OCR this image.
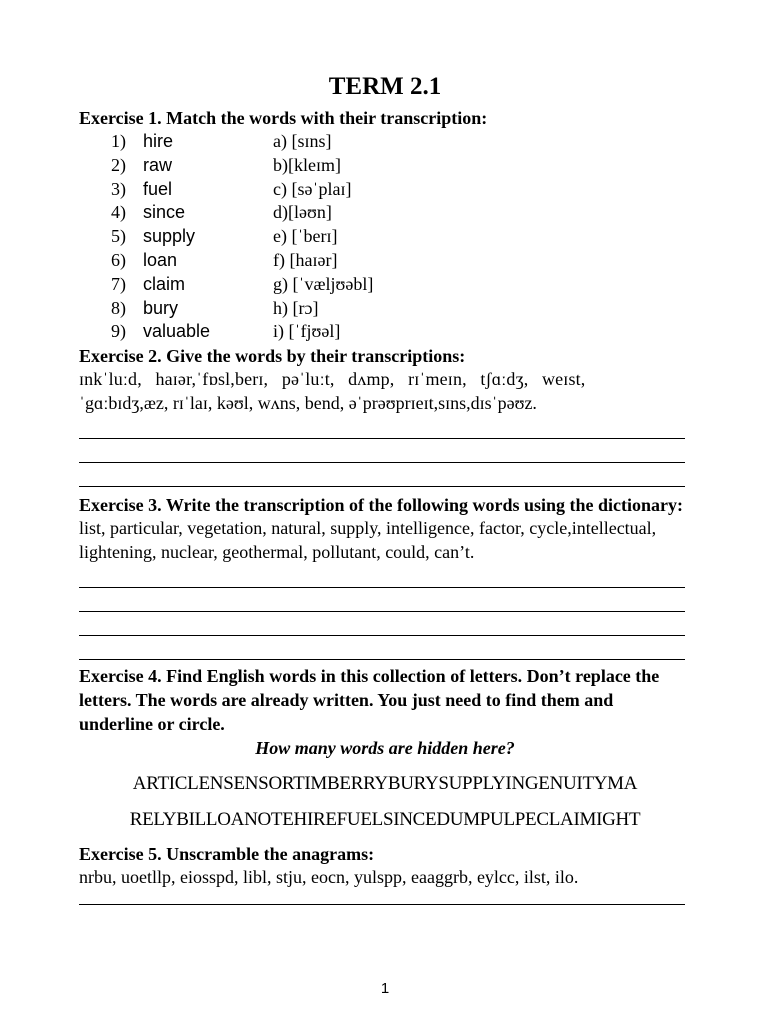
TERM 2.1

Exercise 1. Match the words with their transcription:

1) hire	a) [sɪns]
2) raw	b)[kleɪm]
3) fuel	c) [səˈplaɪ]
4) since	d)[ləʊn]
5) supply	e) [ˈberɪ]
6) loan	f) [haɪər]
7) claim	g) [ˈvæljʊəbl]
8) bury	h) [rɔ]
9) valuable	i) [ˈfjʊəl]

Exercise 2. Give the words by their transcriptions:

ɪnkˈluːd, haɪər,ˈfɒsl,berɪ, pəˈluːt, dʌmp, rɪˈmeɪn, tʃɑːdʒ, weɪst,

ˈgɑːbɪdʒ,æz, rɪˈlaɪ, kəʊl, wʌns, bend, əˈprəʊprɪeɪt,sɪns,dɪsˈpəʊz.

Exercise 3. Write the transcription of the following words using the dictionary:

list, particular, vegetation, natural, supply, intelligence, factor, cycle,intellectual, lightening, nuclear, geothermal, pollutant, could, can’t.

Exercise 4. Find English words in this collection of letters. Don’t replace the letters. The words are already written. You just need to find them and underline or circle.

How many words are hidden here?

ARTICLENSENSORTIMBERRYBURYSUPPLYINGENUITYMA

RELYBILLOANOTEHIREFUELSINCEDUMPULPECLAIMIGHT

Exercise 5. Unscramble the anagrams:

nrbu, uoetllp, eiosspd, libl, stju, eocn, yulspp, eaaggrb, eylcc, ilst, ilo.

1
